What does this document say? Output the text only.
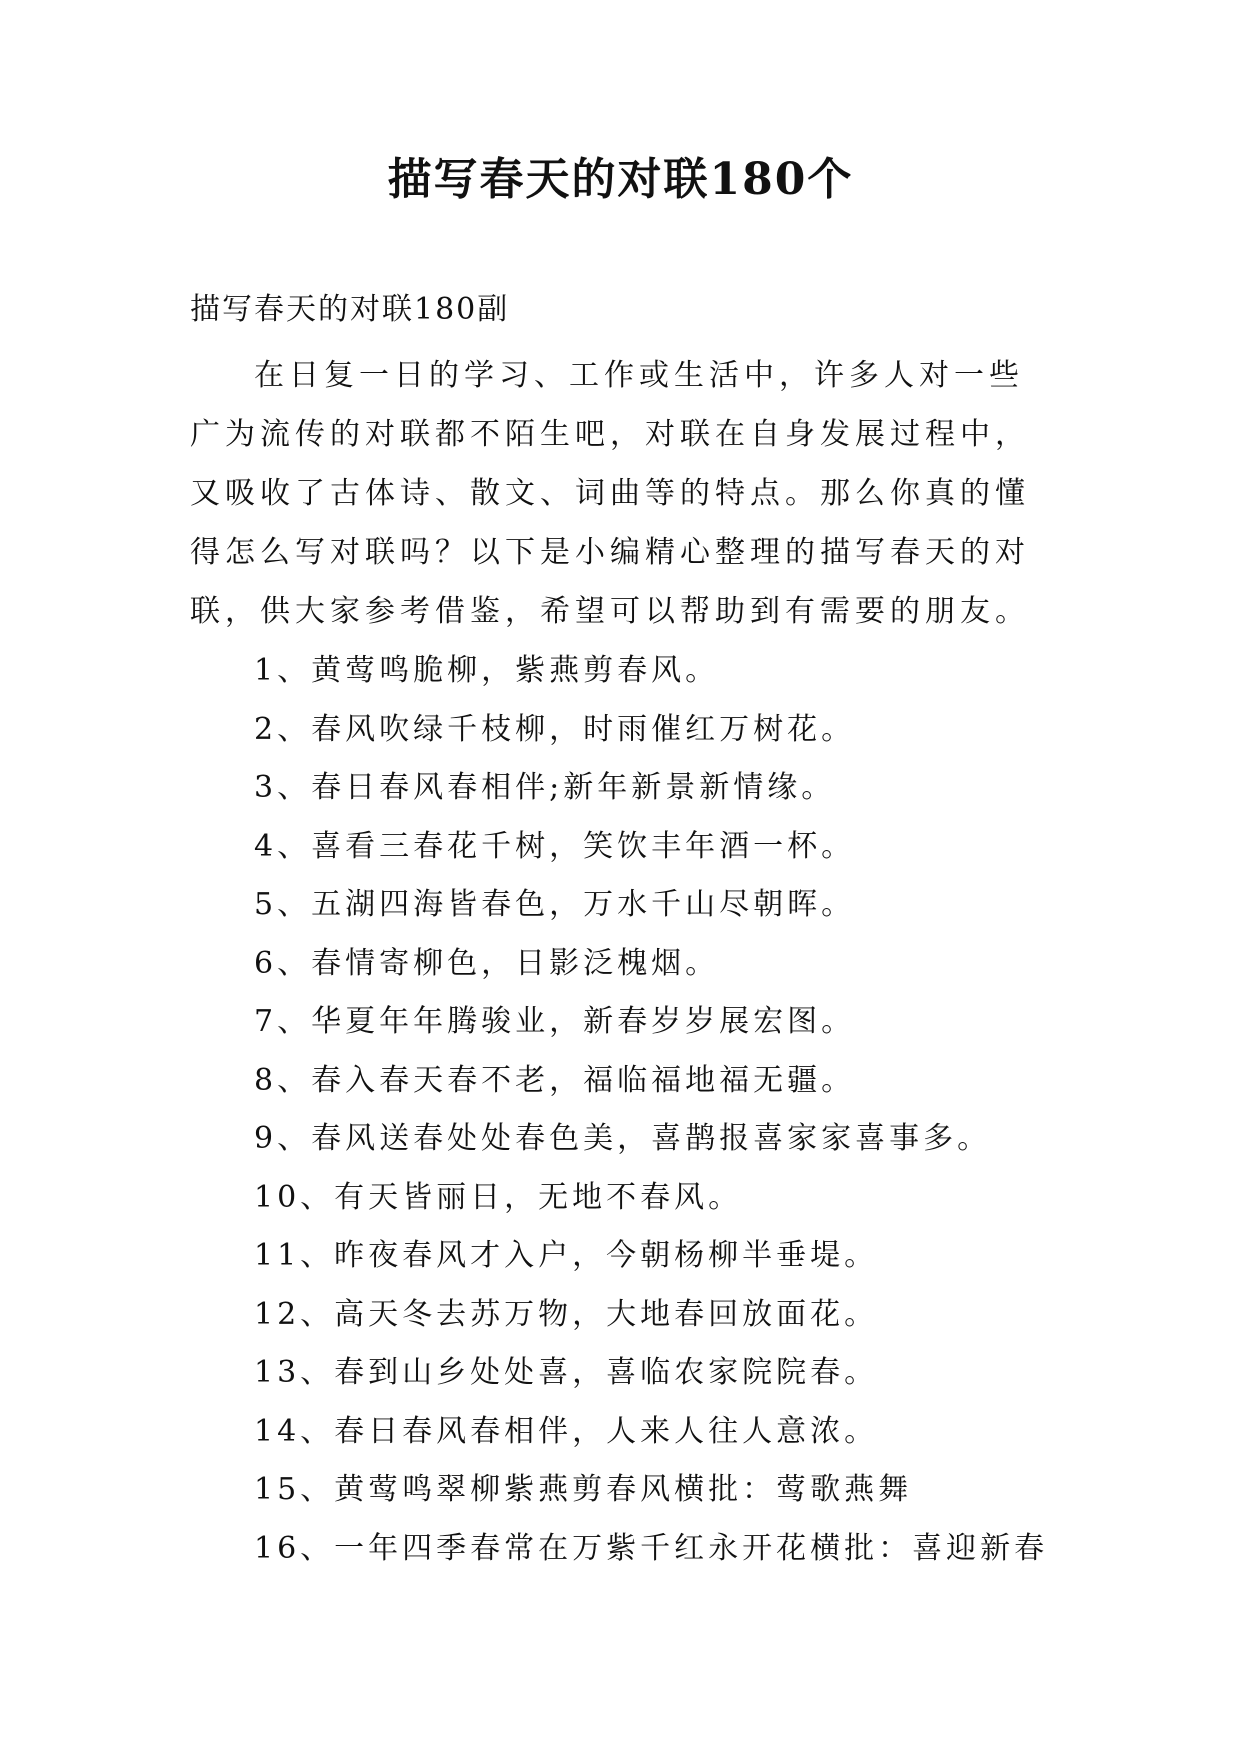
描写春天的对联180个
描写春天的对联180副

在日复一日的学习、工作或生活中，许多人对一些广为流传的对联都不陌生吧，对联在自身发展过程中，又吸收了古体诗、散文、词曲等的特点。那么你真的懂得怎么写对联吗？以下是小编精心整理的描写春天的对联，供大家参考借鉴，希望可以帮助到有需要的朋友。

1、黄莺鸣脆柳，紫燕剪春风。
2、春风吹绿千枝柳，时雨催红万树花。
3、春日春风春相伴;新年新景新情缘。
4、喜看三春花千树，笑饮丰年酒一杯。
5、五湖四海皆春色，万水千山尽朝晖。
6、春情寄柳色，日影泛槐烟。
7、华夏年年腾骏业，新春岁岁展宏图。
8、春入春天春不老，福临福地福无疆。
9、春风送春处处春色美，喜鹊报喜家家喜事多。
10、有天皆丽日，无地不春风。
11、昨夜春风才入户，今朝杨柳半垂堤。
12、高天冬去苏万物，大地春回放面花。
13、春到山乡处处喜，喜临农家院院春。
14、春日春风春相伴，人来人往人意浓。
15、黄莺鸣翠柳紫燕剪春风横批：莺歌燕舞
16、一年四季春常在万紫千红永开花横批：喜迎新春
